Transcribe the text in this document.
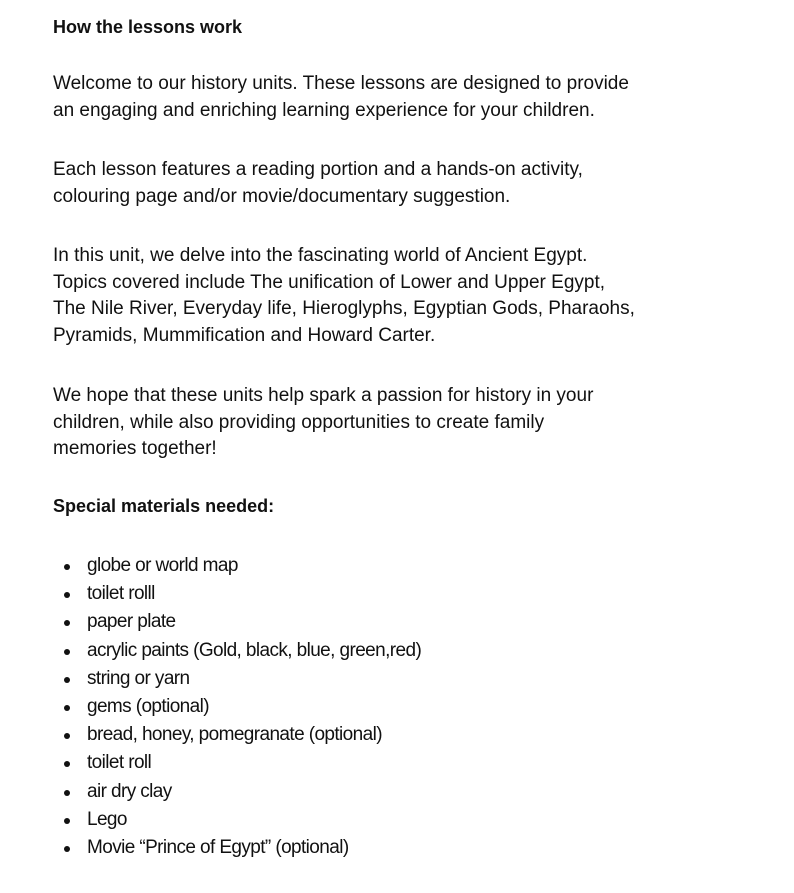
How the lessons work
Welcome to our history units. These lessons are designed to provide
an engaging and enriching learning experience for your children.
Each lesson features a reading portion and a hands-on activity,
colouring page and/or movie/documentary suggestion.
In this unit, we delve into the fascinating world of Ancient Egypt.
Topics covered include The unification of Lower and Upper Egypt,
The Nile River, Everyday life, Hieroglyphs, Egyptian Gods, Pharaohs,
Pyramids, Mummification and Howard Carter.
We hope that these units help spark a passion for history in your
children, while also providing opportunities to create family
memories together!
Special materials needed:
globe or world map
toilet rolll
paper plate
acrylic paints (Gold, black, blue, green,red)
string or yarn
gems (optional)
bread, honey, pomegranate (optional)
toilet roll
air dry clay
Lego
Movie “Prince of Egypt” (optional)
